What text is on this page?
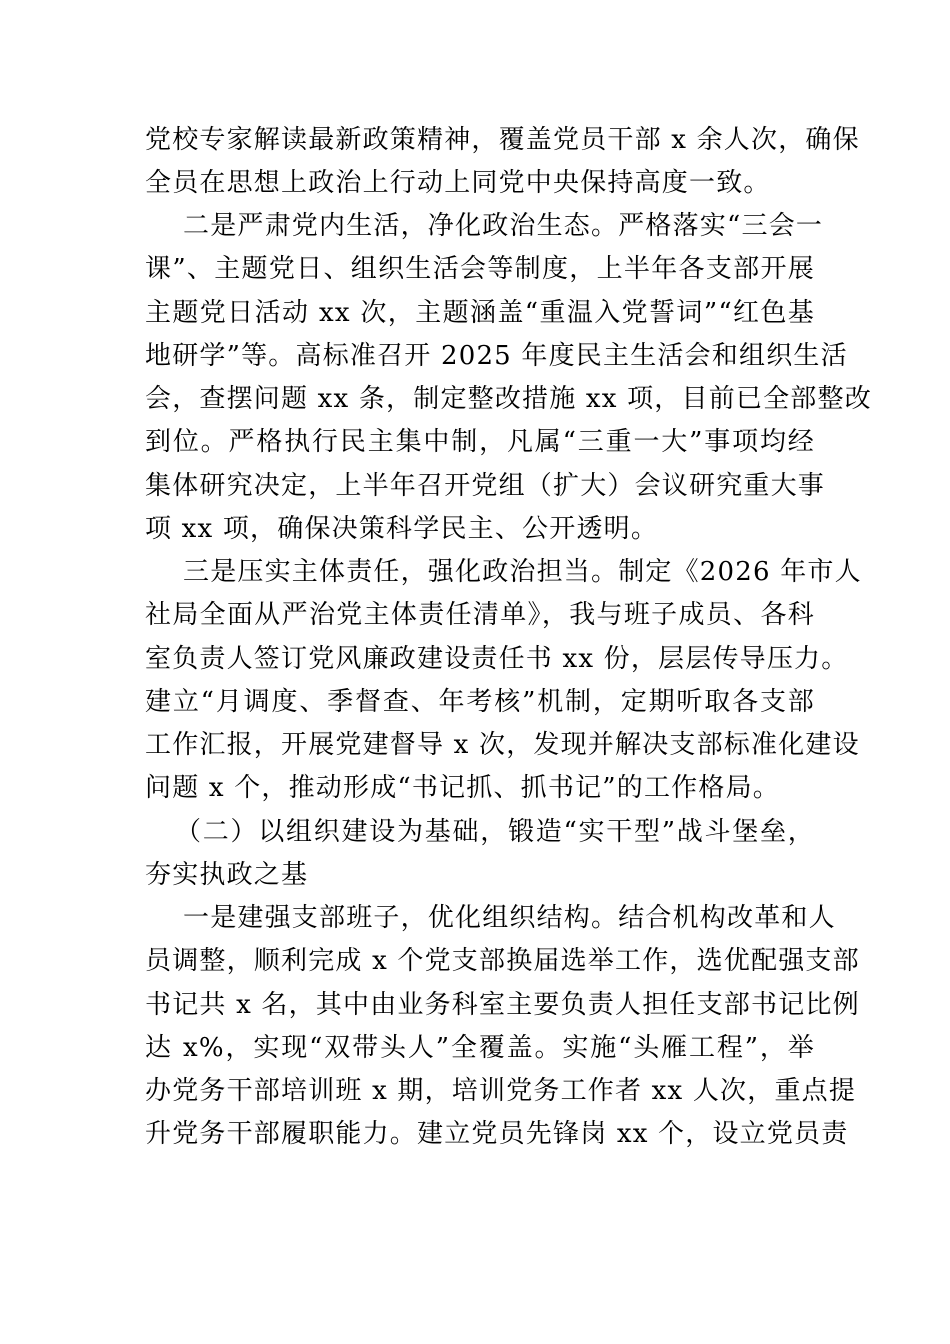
党校专家解读最新政策精神，覆盖党员干部 x 余人次，确保

全员在思想上政治上行动上同党中央保持高度一致。

二是严肃党内生活，净化政治生态。严格落实“三会一

课”、主题党日、组织生活会等制度，上半年各支部开展

主题党日活动 xx 次，主题涵盖“重温入党誓词”“红色基

地研学”等。高标准召开 2025 年度民主生活会和组织生活

会，查摆问题 xx 条，制定整改措施 xx 项，目前已全部整改

到位。严格执行民主集中制，凡属“三重一大”事项均经

集体研究决定，上半年召开党组（扩大）会议研究重大事

项 xx 项，确保决策科学民主、公开透明。

三是压实主体责任，强化政治担当。制定《2026 年市人

社局全面从严治党主体责任清单》，我与班子成员、各科

室负责人签订党风廉政建设责任书 xx 份，层层传导压力。

建立“月调度、季督查、年考核”机制，定期听取各支部

工作汇报，开展党建督导 x 次，发现并解决支部标准化建设

问题 x 个，推动形成“书记抓、抓书记”的工作格局。

（二）以组织建设为基础，锻造“实干型”战斗堡垒，

夯实执政之基

一是建强支部班子，优化组织结构。结合机构改革和人

员调整，顺利完成 x 个党支部换届选举工作，选优配强支部

书记共 x 名，其中由业务科室主要负责人担任支部书记比例

达 x%，实现“双带头人”全覆盖。实施“头雁工程”，举

办党务干部培训班 x 期，培训党务工作者 xx 人次，重点提

升党务干部履职能力。建立党员先锋岗 xx 个，设立党员责
